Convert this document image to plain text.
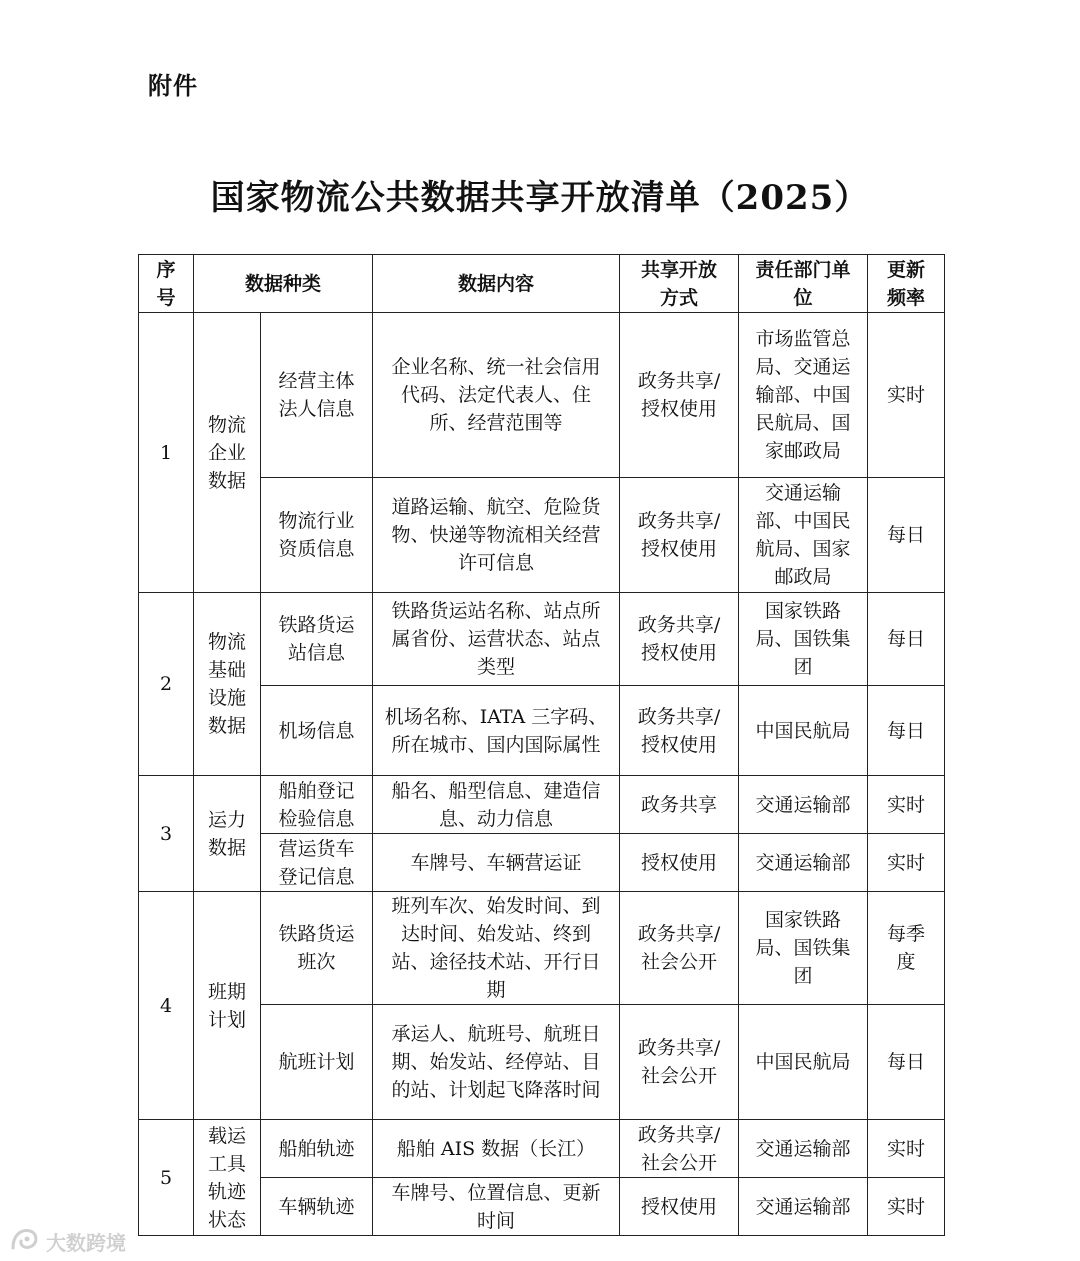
附件
国家物流公共数据共享开放清单（2025）
序号	数据种类		数据内容	共享开放方式	责任部门单位	更新频率
1	物流企业数据	经营主体法人信息	企业名称、统一社会信用代码、法定代表人、住所、经营范围等	政务共享/授权使用	市场监管总局、交通运输部、中国民航局、国家邮政局	实时
		物流行业资质信息	道路运输、航空、危险货物、快递等物流相关经营许可信息	政务共享/授权使用	交通运输部、中国民航局、国家邮政局	每日
2	物流基础设施数据	铁路货运站信息	铁路货运站名称、站点所属省份、运营状态、站点类型	政务共享/授权使用	国家铁路局、国铁集团	每日
		机场信息	机场名称、IATA 三字码、所在城市、国内国际属性	政务共享/授权使用	中国民航局	每日
3	运力数据	船舶登记检验信息	船名、船型信息、建造信息、动力信息	政务共享	交通运输部	实时
		营运货车登记信息	车牌号、车辆营运证	授权使用	交通运输部	实时
4	班期计划	铁路货运班次	班列车次、始发时间、到达时间、始发站、终到站、途径技术站、开行日期	政务共享/社会公开	国家铁路局、国铁集团	每季度
		航班计划	承运人、航班号、航班日期、始发站、经停站、目的站、计划起飞降落时间	政务共享/社会公开	中国民航局	每日
5	载运工具轨迹状态	船舶轨迹	船舶 AIS 数据（长江）	政务共享/社会公开	交通运输部	实时
		车辆轨迹	车牌号、位置信息、更新时间	授权使用	交通运输部	实时
大数跨境
